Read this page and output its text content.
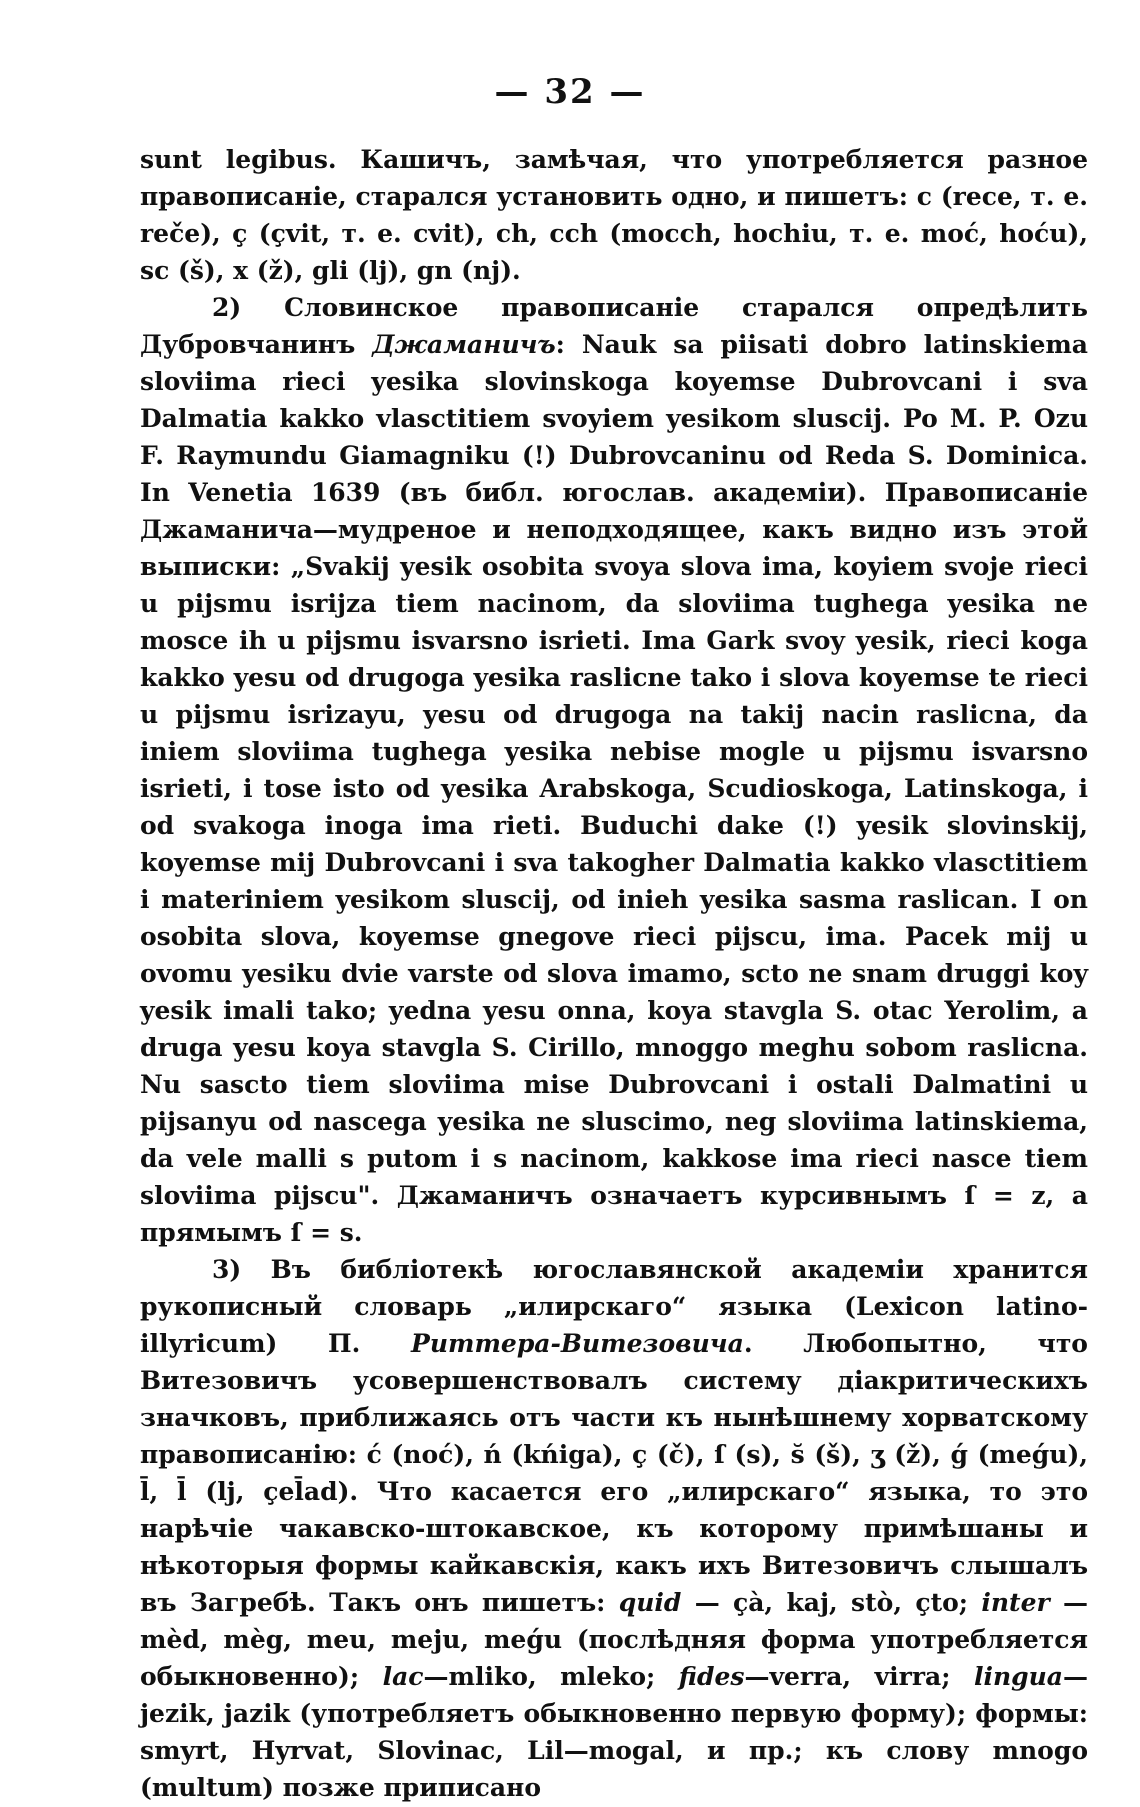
— 32 —

sunt legibus. Кашичъ, замѣчая, что употребляется разное правописаніе, старался установить одно, и пишетъ: c (rece, т. е. reče), ç (çvit, т. е. cvit), ch, cch (mocch, hochiu, т. е. moć, hoću), sc (š), x (ž), gli (lj), gn (nj).

2) Словинское правописаніе старался опредѣлить Дубровчанинъ Джаманичъ: Nauk sa piisati dobro latinskiema sloviima rieci yesika slovinskoga koyemse Dubrovcani i sva Dalmatia kakko vlasctitiem svoyiem yesikom slusciј. Po M. P. Ozu F. Raymundu Giamagniku (!) Dubrovcaninu od Reda S. Dominica. In Venetia 1639 (въ библ. югослав. академіи). Правописаніе Джаманича—мудреное и неподходящее, какъ видно изъ этой выписки: „Svakij yesik osobita svoya slova ima, koyiem svoje rieci u pijsmu isrijza tiem nacinom, da sloviima tughega yesika ne mosce ih u pijsmu isvarsno isrieti. Ima Gark svoy yesik, rieci koga kakko yesu od drugoga yesika raslicne tako i slova koyemse te rieci u pijsmu isrizayu, yesu od drugoga na takij nacin raslicna, da iniem sloviima tughega yesika nebise mogle u pijsmu isvarsno isrieti, i tose isto od yesika Arabskoga, Scudioskoga, Latinskoga, i od svakoga inoga ima rieti. Buduchi dake (!) yesik slovinskij, koyemse mij Dubrovcani i sva takogher Dalmatia kakko vlasctitiem i materiniem yesikom slusciј, od inieh yesika sasma raslican. I on osobita slova, koyemse gnegove rieci pijscu, ima. Pacek mij u ovomu yesiku dvie varste od slova imamo, scto ne snam druggi koy yesik imali tako; yedna yesu onna, koya stavgla S. otac Yerolim, a druga yesu koya stavgla S. Cirillo, mnoggo meghu sobom raslicna. Nu sascto tiem sloviima mise Dubrovcani i ostali Dalmatini u pijsanyu od nascega yesika ne sluscimo, neg sloviima latinskiema, da vele malli s putom i s nacinom, kakkose ima rieci nasce tiem sloviima pijscu". Джаманичъ означаетъ курсивнымъ ſ = z, а прямымъ ſ = s.

3) Въ библіотекѣ югославянской академіи хранится рукописный словарь „илирскаго“ языка (Lexicon latino-illyricum) П. Риттера-Витезовича. Любопытно, что Витезовичъ усовершенствовалъ систему діакритическихъ значковъ, приближаясь отъ части къ нынѣшнему хорватскому правописанію: ć (noć), ń (kńiga), ç (č), ſ (s), s̆ (š), ʒ (ž), ǵ (meǵu), l̄, l̄ (lj, çel̄ad). Что касается его „илирскаго“ языка, то это нарѣчіе чакавско-штокавское, къ которому примѣшаны и нѣкоторыя формы кайкавскія, какъ ихъ Витезовичъ слышалъ въ Загребѣ. Такъ онъ пишетъ: quid — çà, kaj, stò, çto; inter — mèd, mèg, meu, meju, meǵu (послѣдняя форма употребляется обыкновенно); lac—mliko, mleko; fides—verra, virra; lingua—jezik, jazik (употребляетъ обыкновенно первую форму); формы: smyrt, Hyrvat, Slovinac, Lil—mogal, и пр.; къ слову mnogo (multum) позже приписано
